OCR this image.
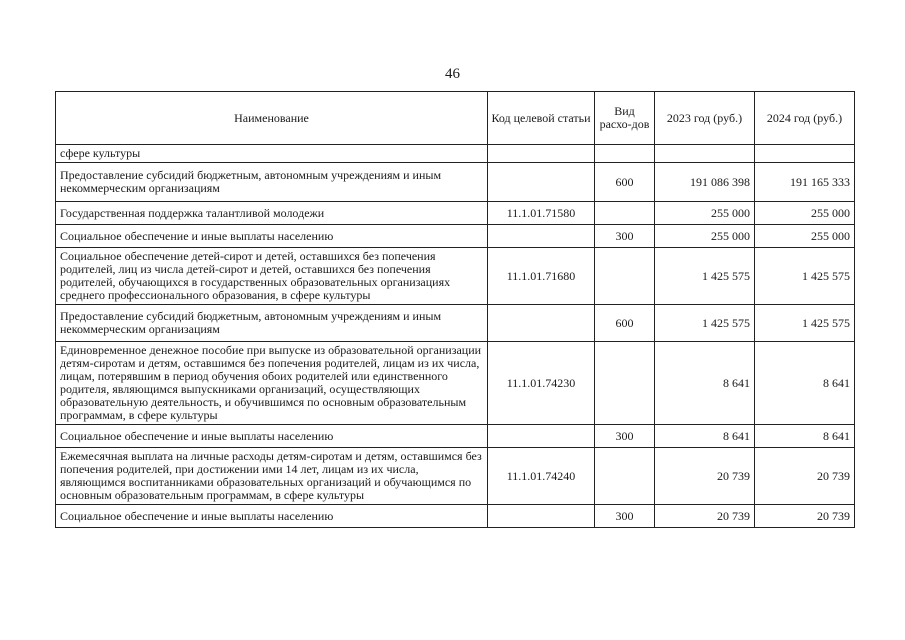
46
Наименование	Код целевой статьи	Вид расхо-дов	2023 год (руб.)	2024 год (руб.)
сфере культуры				
Предоставление субсидий бюджетным, автономным учреждениям и иным некоммерческим организациям		600	191 086 398	191 165 333
Государственная поддержка талантливой молодежи	11.1.01.71580		255 000	255 000
Социальное обеспечение и иные выплаты населению		300	255 000	255 000
Социальное обеспечение детей-сирот и детей, оставшихся без попечения родителей, лиц из числа детей-сирот и детей, оставшихся без попечения родителей, обучающихся в государственных образовательных организациях среднего профессионального образования, в сфере культуры	11.1.01.71680		1 425 575	1 425 575
Предоставление субсидий бюджетным, автономным учреждениям и иным некоммерческим организациям		600	1 425 575	1 425 575
Единовременное денежное пособие при выпуске из образовательной организации детям-сиротам и детям, оставшимся без попечения родителей, лицам из их числа, лицам, потерявшим в период обучения обоих родителей или единственного родителя, являющимся выпускниками организаций, осуществляющих образовательную деятельность, и обучившимся по основным образовательным программам, в сфере культуры	11.1.01.74230		8 641	8 641
Социальное обеспечение и иные выплаты населению		300	8 641	8 641
Ежемесячная выплата на личные расходы детям-сиротам и детям, оставшимся без попечения родителей, при достижении ими 14 лет, лицам из их числа, являющимся воспитанниками образовательных организаций и обучающимся по основным образовательным программам, в сфере культуры	11.1.01.74240		20 739	20 739
Социальное обеспечение и иные выплаты населению		300	20 739	20 739
